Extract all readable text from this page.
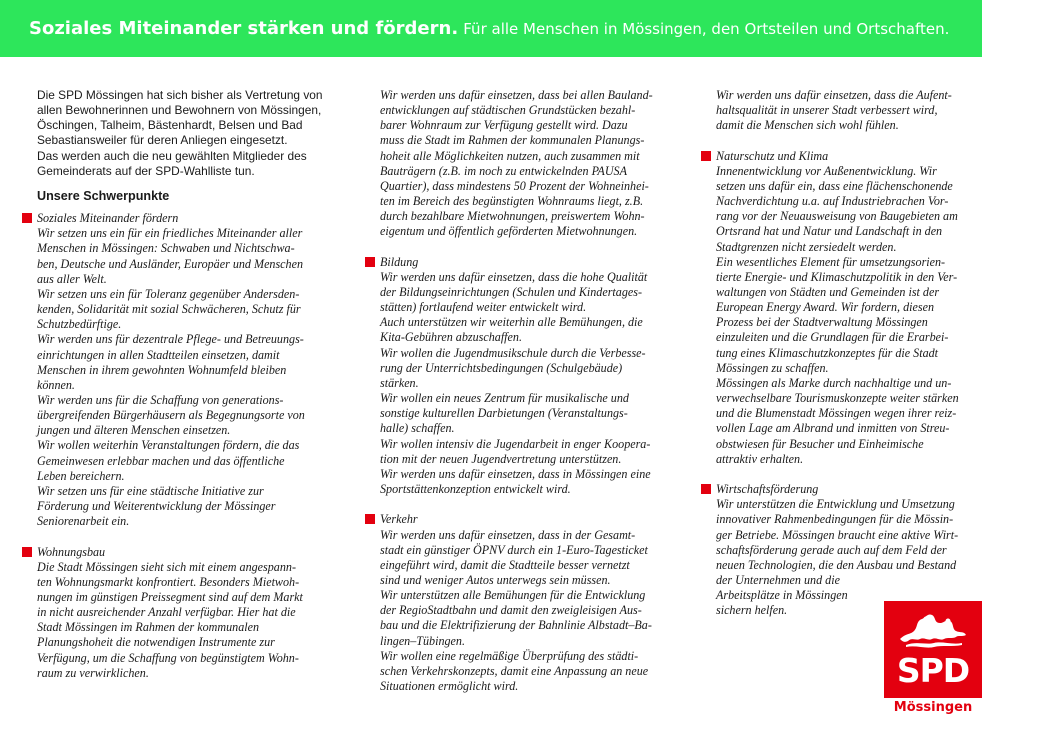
Soziales Miteinander stärken und fördern. Für alle Menschen in Mössingen, den Ortsteilen und Ortschaften.
Die SPD Mössingen hat sich bisher als Vertretung von
allen Bewohnerinnen und Bewohnern von Mössingen,
Öschingen, Talheim, Bästenhardt, Belsen und Bad
Sebastiansweiler für deren Anliegen eingesetzt.
Das werden auch die neu gewählten Mitglieder des
Gemeinderats auf der SPD-Wahlliste tun.
Unsere Schwerpunkte
Soziales Miteinander fördern
Wir setzen uns ein für ein friedliches Miteinander aller
Menschen in Mössingen: Schwaben und Nichtschwa-
ben, Deutsche und Ausländer, Europäer und Menschen
aus aller Welt.
Wir setzen uns ein für Toleranz gegenüber Andersden-
kenden, Solidarität mit sozial Schwächeren, Schutz für
Schutzbedürftige.
Wir werden uns für dezentrale Pflege- und Betreuungs-
einrichtungen in allen Stadtteilen einsetzen, damit
Menschen in ihrem gewohnten Wohnumfeld bleiben
können.
Wir werden uns für die Schaffung von generations-
übergreifenden Bürgerhäusern als Begegnungsorte von
jungen und älteren Menschen einsetzen.
Wir wollen weiterhin Veranstaltungen fördern, die das
Gemeinwesen erlebbar machen und das öffentliche
Leben bereichern.
Wir setzen uns für eine städtische Initiative zur
Förderung und Weiterentwicklung der Mössinger
Seniorenarbeit ein.
Wohnungsbau
Die Stadt Mössingen sieht sich mit einem angespann-
ten Wohnungsmarkt konfrontiert. Besonders Mietwoh-
nungen im günstigen Preissegment sind auf dem Markt
in nicht ausreichender Anzahl verfügbar. Hier hat die
Stadt Mössingen im Rahmen der kommunalen
Planungshoheit die notwendigen Instrumente zur
Verfügung, um die Schaffung von begünstigtem Wohn-
raum zu verwirklichen.
Wir werden uns dafür einsetzen, dass bei allen Bauland-
entwicklungen auf städtischen Grundstücken bezahl-
barer Wohnraum zur Verfügung gestellt wird. Dazu
muss die Stadt im Rahmen der kommunalen Planungs-
hoheit alle Möglichkeiten nutzen, auch zusammen mit
Bauträgern (z.B. im noch zu entwickelnden PAUSA
Quartier), dass mindestens 50 Prozent der Wohneinhei-
ten im Bereich des begünstigten Wohnraums liegt, z.B.
durch bezahlbare Mietwohnungen, preiswertem Wohn-
eigentum und öffentlich geförderten Mietwohnungen.
Bildung
Wir werden uns dafür einsetzen, dass die hohe Qualität
der Bildungseinrichtungen (Schulen und Kindertages-
stätten) fortlaufend weiter entwickelt wird.
Auch unterstützen wir weiterhin alle Bemühungen, die
Kita-Gebühren abzuschaffen.
Wir wollen die Jugendmusikschule durch die Verbesse-
rung der Unterrichtsbedingungen (Schulgebäude)
stärken.
Wir wollen ein neues Zentrum für musikalische und
sonstige kulturellen Darbietungen (Veranstaltungs-
halle) schaffen.
Wir wollen intensiv die Jugendarbeit in enger Koopera-
tion mit der neuen Jugendvertretung unterstützen.
Wir werden uns dafür einsetzen, dass in Mössingen eine
Sportstättenkonzeption entwickelt wird.
Verkehr
Wir werden uns dafür einsetzen, dass in der Gesamt-
stadt ein günstiger ÖPNV durch ein 1-Euro-Tagesticket
eingeführt wird, damit die Stadtteile besser vernetzt
sind und weniger Autos unterwegs sein müssen.
Wir unterstützen alle Bemühungen für die Entwicklung
der RegioStadtbahn und damit den zweigleisigen Aus-
bau und die Elektrifizierung der Bahnlinie Albstadt–Ba-
lingen–Tübingen.
Wir wollen eine regelmäßige Überprüfung des städti-
schen Verkehrskonzepts, damit eine Anpassung an neue
Situationen ermöglicht wird.
Wir werden uns dafür einsetzen, dass die Aufent-
haltsqualität in unserer Stadt verbessert wird,
damit die Menschen sich wohl fühlen.
Naturschutz und Klima
Innenentwicklung vor Außenentwicklung. Wir
setzen uns dafür ein, dass eine flächenschonende
Nachverdichtung u.a. auf Industriebrachen Vor-
rang vor der Neuausweisung von Baugebieten am
Ortsrand hat und Natur und Landschaft in den
Stadtgrenzen nicht zersiedelt werden.
Ein wesentliches Element für umsetzungsorien-
tierte Energie- und Klimaschutzpolitik in den Ver-
waltungen von Städten und Gemeinden ist der
European Energy Award. Wir fordern, diesen
Prozess bei der Stadtverwaltung Mössingen
einzuleiten und die Grundlagen für die Erarbei-
tung eines Klimaschutzkonzeptes für die Stadt
Mössingen zu schaffen.
Mössingen als Marke durch nachhaltige und un-
verwechselbare Tourismuskonzepte weiter stärken
und die Blumenstadt Mössingen wegen ihrer reiz-
vollen Lage am Albrand und inmitten von Streu-
obstwiesen für Besucher und Einheimische
attraktiv erhalten.
Wirtschaftsförderung
Wir unterstützen die Entwicklung und Umsetzung
innovativer Rahmenbedingungen für die Mössin-
ger Betriebe. Mössingen braucht eine aktive Wirt-
schaftsförderung gerade auch auf dem Feld der
neuen Technologien, die den Ausbau und Bestand
der Unternehmen und die
Arbeitsplätze in Mössingen
sichern helfen.
SPD
Mössingen
